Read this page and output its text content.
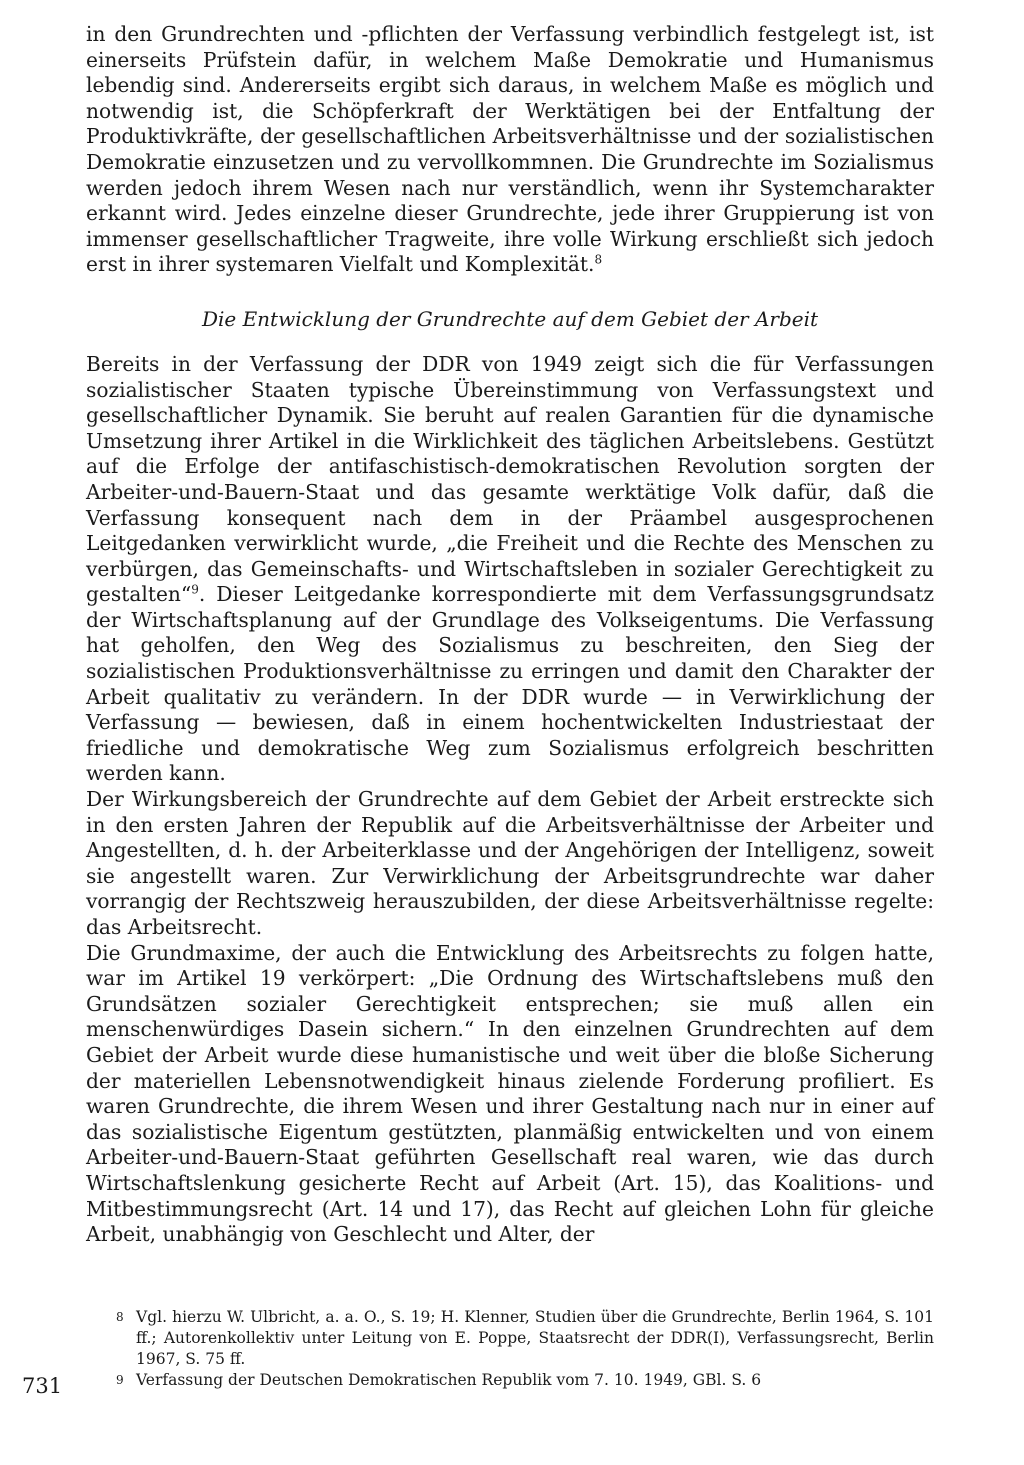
in den Grundrechten und -pflichten der Verfassung verbindlich festgelegt ist, ist einerseits Prüfstein dafür, in welchem Maße Demokratie und Humanismus lebendig sind. Andererseits ergibt sich daraus, in welchem Maße es möglich und notwendig ist, die Schöpferkraft der Werktätigen bei der Entfaltung der Produktivkräfte, der gesellschaftlichen Arbeitsverhältnisse und der sozialistischen Demokratie einzusetzen und zu vervollkommnen. Die Grundrechte im Sozialismus werden jedoch ihrem Wesen nach nur verständlich, wenn ihr Systemcharakter erkannt wird. Jedes einzelne dieser Grundrechte, jede ihrer Gruppierung ist von immenser gesellschaftlicher Tragweite, ihre volle Wirkung erschließt sich jedoch erst in ihrer systemaren Vielfalt und Komplexität.$^8$

Die Entwicklung der Grundrechte auf dem Gebiet der Arbeit

Bereits in der Verfassung der DDR von 1949 zeigt sich die für Verfassungen sozialistischer Staaten typische Übereinstimmung von Verfassungstext und gesellschaftlicher Dynamik. Sie beruht auf realen Garantien für die dynamische Umsetzung ihrer Artikel in die Wirklichkeit des täglichen Arbeitslebens. Gestützt auf die Erfolge der antifaschistisch-demokratischen Revolution sorgten der Arbeiter-und-Bauern-Staat und das gesamte werktätige Volk dafür, daß die Verfassung konsequent nach dem in der Präambel ausgesprochenen Leitgedanken verwirklicht wurde, „die Freiheit und die Rechte des Menschen zu verbürgen, das Gemeinschafts- und Wirtschaftsleben in sozialer Gerechtigkeit zu gestalten“$^9$. Dieser Leitgedanke korrespondierte mit dem Verfassungsgrundsatz der Wirtschaftsplanung auf der Grundlage des Volkseigentums. Die Verfassung hat geholfen, den Weg des Sozialismus zu beschreiten, den Sieg der sozialistischen Produktionsverhältnisse zu erringen und damit den Charakter der Arbeit qualitativ zu verändern. In der DDR wurde — in Verwirklichung der Verfassung — bewiesen, daß in einem hochentwickelten Industriestaat der friedliche und demokratische Weg zum Sozialismus erfolgreich beschritten werden kann.

Der Wirkungsbereich der Grundrechte auf dem Gebiet der Arbeit erstreckte sich in den ersten Jahren der Republik auf die Arbeitsverhältnisse der Arbeiter und Angestellten, d. h. der Arbeiterklasse und der Angehörigen der Intelligenz, soweit sie angestellt waren. Zur Verwirklichung der Arbeitsgrundrechte war daher vorrangig der Rechtszweig herauszubilden, der diese Arbeitsverhältnisse regelte: das Arbeitsrecht.

Die Grundmaxime, der auch die Entwicklung des Arbeitsrechts zu folgen hatte, war im Artikel 19 verkörpert: „Die Ordnung des Wirtschaftslebens muß den Grundsätzen sozialer Gerechtigkeit entsprechen; sie muß allen ein menschenwürdiges Dasein sichern.“ In den einzelnen Grundrechten auf dem Gebiet der Arbeit wurde diese humanistische und weit über die bloße Sicherung der materiellen Lebensnotwendigkeit hinaus zielende Forderung profiliert. Es waren Grundrechte, die ihrem Wesen und ihrer Gestaltung nach nur in einer auf das sozialistische Eigentum gestützten, planmäßig entwickelten und von einem Arbeiter-und-Bauern-Staat geführten Gesellschaft real waren, wie das durch Wirtschaftslenkung gesicherte Recht auf Arbeit (Art. 15), das Koalitions- und Mitbestimmungsrecht (Art. 14 und 17), das Recht auf gleichen Lohn für gleiche Arbeit, unabhängig von Geschlecht und Alter, der

8 Vgl. hierzu W. Ulbricht, a. a. O., S. 19; H. Klenner, Studien über die Grundrechte, Berlin 1964, S. 101 ff.; Autorenkollektiv unter Leitung von E. Poppe, Staatsrecht der DDR(I), Verfassungsrecht, Berlin 1967, S. 75 ff.

9 Verfassung der Deutschen Demokratischen Republik vom 7. 10. 1949, GBl. S. 6

731
